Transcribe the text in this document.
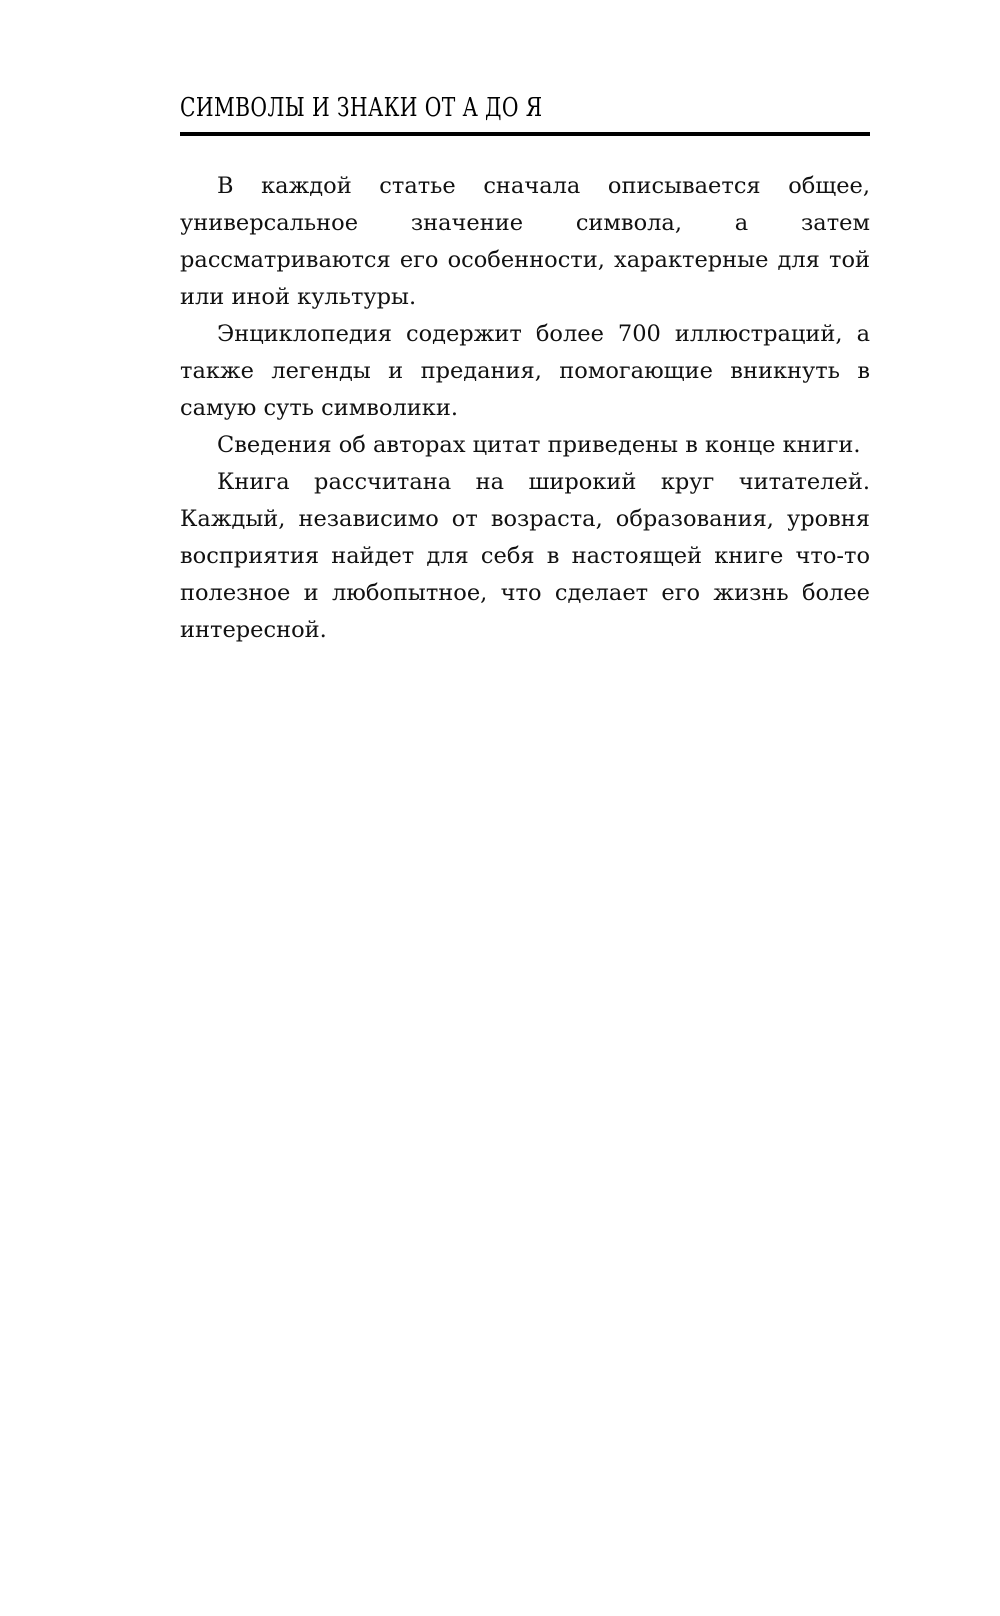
СИМВОЛЫ И ЗНАКИ ОТ А ДО Я

В каждой статье сначала описывается общее, универсальное значение символа, а затем рассматриваются его особенности, характерные для той или иной культуры.

Энциклопедия содержит более 700 иллюстраций, а также легенды и предания, помогающие вникнуть в самую суть символики.

Сведения об авторах цитат приведены в конце книги.

Книга рассчитана на широкий круг читателей. Каждый, независимо от возраста, образования, уровня восприятия найдет для себя в настоящей книге что-то полезное и любопытное, что сделает его жизнь более интересной.
